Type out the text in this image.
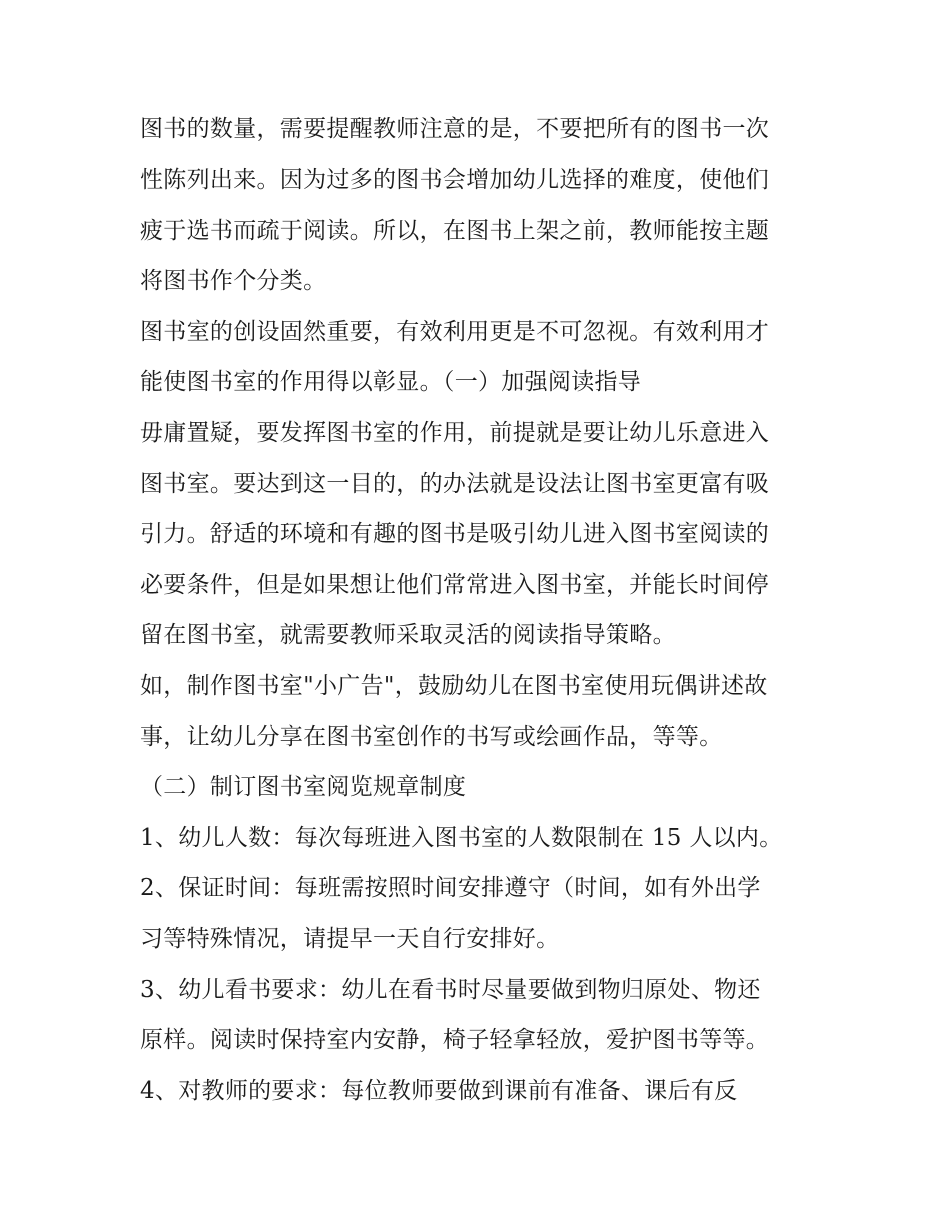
图书的数量，需要提醒教师注意的是，不要把所有的图书一次
性陈列出来。因为过多的图书会增加幼儿选择的难度，使他们
疲于选书而疏于阅读。所以，在图书上架之前，教师能按主题
将图书作个分类。
图书室的创设固然重要，有效利用更是不可忽视。有效利用才
能使图书室的作用得以彰显。（一）加强阅读指导
毋庸置疑，要发挥图书室的作用，前提就是要让幼儿乐意进入
图书室。要达到这一目的，的办法就是设法让图书室更富有吸
引力。舒适的环境和有趣的图书是吸引幼儿进入图书室阅读的
必要条件，但是如果想让他们常常进入图书室，并能长时间停
留在图书室，就需要教师采取灵活的阅读指导策略。
如，制作图书室"小广告"，鼓励幼儿在图书室使用玩偶讲述故
事，让幼儿分享在图书室创作的书写或绘画作品，等等。
（二）制订图书室阅览规章制度
1、幼儿人数：每次每班进入图书室的人数限制在 15 人以内。
2、保证时间：每班需按照时间安排遵守（时间，如有外出学
习等特殊情况，请提早一天自行安排好。
3、幼儿看书要求：幼儿在看书时尽量要做到物归原处、物还
原样。阅读时保持室内安静，椅子轻拿轻放，爱护图书等等。
4、对教师的要求：每位教师要做到课前有准备、课后有反
